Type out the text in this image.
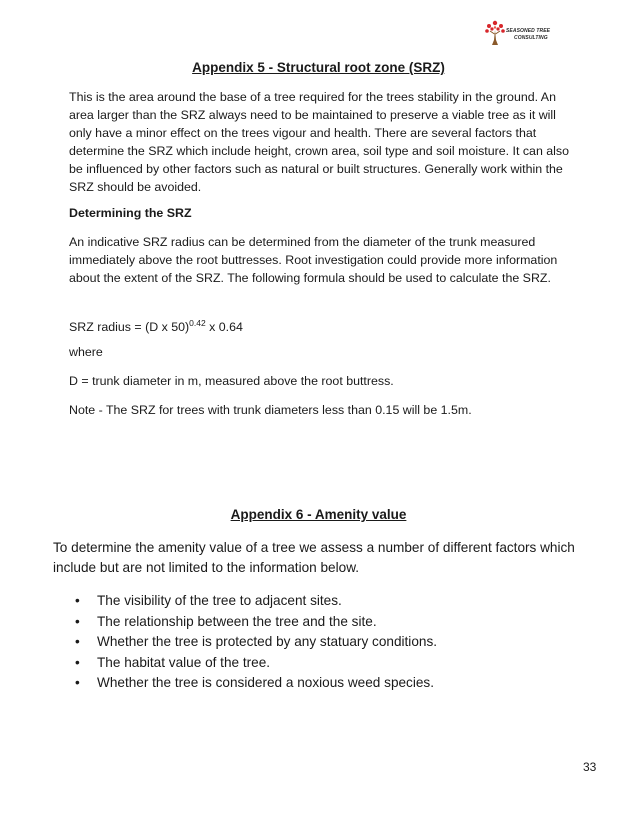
SEASONED TREE
CONSULTING
Appendix 5 - Structural root zone (SRZ)

This is the area around the base of a tree required for the trees stability in the ground. An area larger than the SRZ always need to be maintained to preserve a viable tree as it will only have a minor effect on the trees vigour and health. There are several factors that determine the SRZ which include height, crown area, soil type and soil moisture. It can also be influenced by other factors such as natural or built structures. Generally work within the SRZ should be avoided.

Determining the SRZ

An indicative SRZ radius can be determined from the diameter of the trunk measured immediately above the root buttresses. Root investigation could provide more information about the extent of the SRZ. The following formula should be used to calculate the SRZ.

SRZ radius = (D x 50)$^{0.42}$ x 0.64
where
D = trunk diameter in m, measured above the root buttress.
Note - The SRZ for trees with trunk diameters less than 0.15 will be 1.5m.
Appendix 6 - Amenity value

To determine the amenity value of a tree we assess a number of different factors which include but are not limited to the information below.

• The visibility of the tree to adjacent sites.
• The relationship between the tree and the site.
• Whether the tree is protected by any statuary conditions.
• The habitat value of the tree.
• Whether the tree is considered a noxious weed species.
33
